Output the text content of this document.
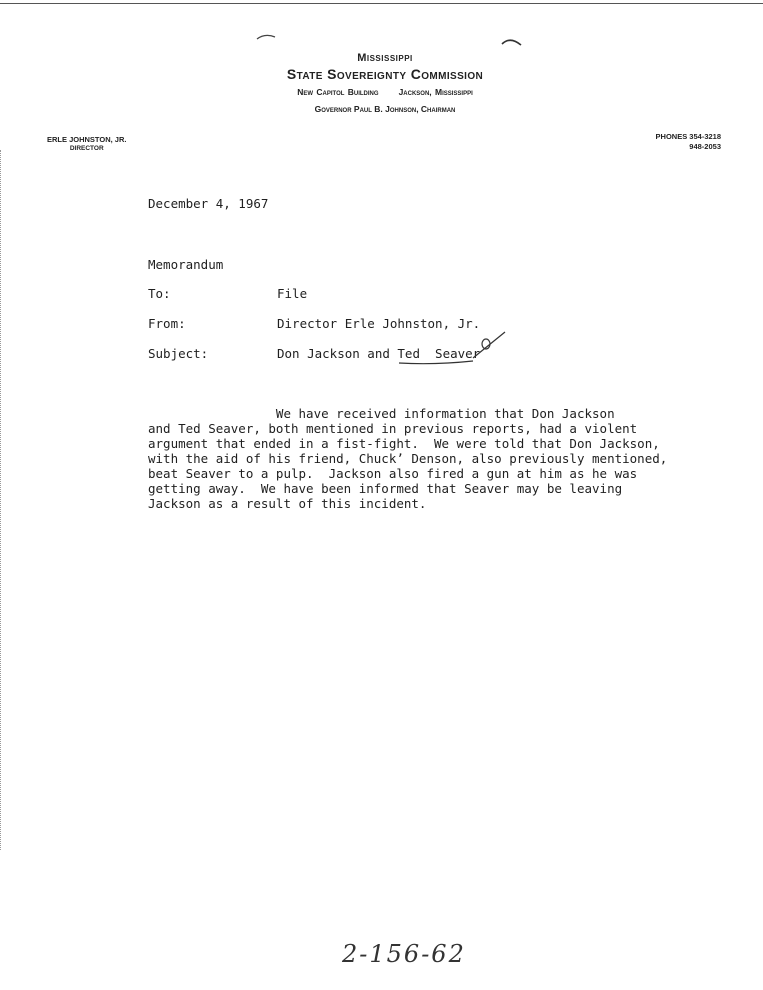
Mississippi
State Sovereignty Commission
New Capitol Building Jackson, Mississippi
Governor Paul B. Johnson, Chairman
ERLE JOHNSTON, JR.
DIRECTOR
PHONES 354-3218
948-2053
December 4, 1967
Memorandum
To:	File
From:	Director Erle Johnston, Jr.
Subject:	Don Jackson and Ted  Seaver
We have received information that Don Jackson
and Ted Seaver, both mentioned in previous reports, had a violent
argument that ended in a fist-fight.  We were told that Don Jackson,
with the aid of his friend, Chuckʼ Denson, also previously mentioned,
beat Seaver to a pulp.  Jackson also fired a gun at him as he was
getting away.  We have been informed that Seaver may be leaving
Jackson as a result of this incident.
2-156-62
